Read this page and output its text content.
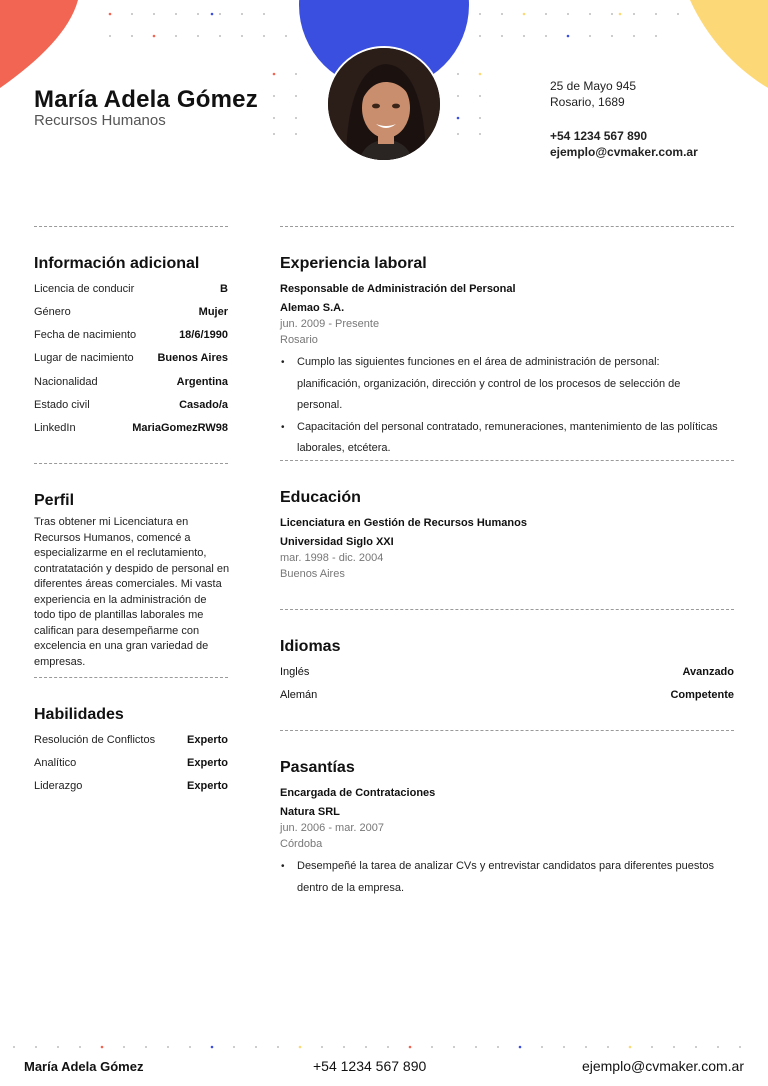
María Adela Gómez
Recursos Humanos
25 de Mayo 945
Rosario, 1689
+54 1234 567 890
ejemplo@cvmaker.com.ar
Información adicional
Licencia de conducir	B
Género	Mujer
Fecha de nacimiento	18/6/1990
Lugar de nacimiento Buenos Aires
Nacionalidad	Argentina
Estado civil	Casado/a
LinkedIn	MariaGomezRW98
Perfil
Tras obtener mi Licenciatura en Recursos Humanos, comencé a especializarme en el reclutamiento, contratatación y despido de personal en diferentes áreas comerciales. Mi vasta experiencia en la administración de todo tipo de plantillas laborales me califican para desempeñarme con excelencia en una gran variedad de empresas.
Habilidades
Resolución de Conflictos	Experto
Analítico	Experto
Liderazgo	Experto
Experiencia laboral
Responsable de Administración del Personal
Alemao S.A.
jun. 2009 - Presente
Rosario
• Cumplo las siguientes funciones en el área de administración de personal: planificación, organización, dirección y control de los procesos de selección de personal.
• Capacitación del personal contratado, remuneraciones, mantenimiento de las políticas laborales, etcétera.
Educación
Licenciatura en Gestión de Recursos Humanos
Universidad Siglo XXI
mar. 1998 - dic. 2004
Buenos Aires
Idiomas
Inglés	Avanzado
Alemán	Competente
Pasantías
Encargada de Contrataciones
Natura SRL
jun. 2006 - mar. 2007
Córdoba
• Desempeñé la tarea de analizar CVs y entrevistar candidatos para diferentes puestos dentro de la empresa.
María Adela Gómez	+54 1234 567 890	ejemplo@cvmaker.com.ar
